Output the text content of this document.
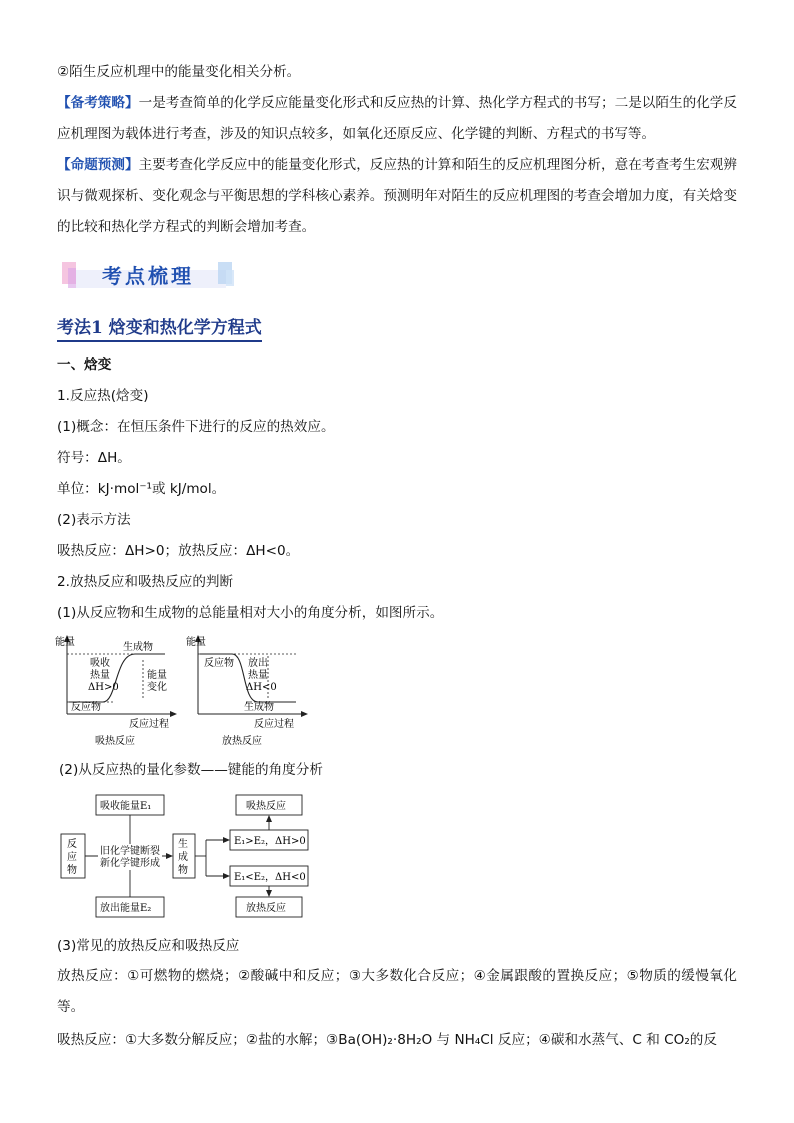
②陌生反应机理中的能量变化相关分析。
【备考策略】一是考查简单的化学反应能量变化形式和反应热的计算、热化学方程式的书写；二是以陌生的化学反应机理图为载体进行考查，涉及的知识点较多，如氧化还原反应、化学键的判断、方程式的书写等。
【命题预测】主要考查化学反应中的能量变化形式，反应热的计算和陌生的反应机理图分析，意在考查考生宏观辨识与微观探析、变化观念与平衡思想的学科核心素养。预测明年对陌生的反应机理图的考查会增加力度，有关焓变的比较和热化学方程式的判断会增加考查。
考点梳理
考法1 焓变和热化学方程式
一、焓变
1.反应热(焓变)
(1)概念：在恒压条件下进行的反应的热效应。
符号：ΔH。
单位：kJ·mol⁻¹或 kJ/mol。
(2)表示方法
吸热反应：ΔH>0；放热反应：ΔH<0。
2.放热反应和吸热反应的判断
(1)从反应物和生成物的总能量相对大小的角度分析，如图所示。
能量	生成物
吸收
热量
ΔH>0
能量
变化
反应物
反应过程
吸热反应
能量
反应物 放出
热量
ΔH<0
生成物
反应过程
放热反应
(2)从反应热的量化参数——键能的角度分析
吸收能量E₁
放出能量E₂
反
应
物
生
成
物
旧化学键断裂
新化学键形成
E₁>E₂，ΔH>0
E₁<E₂，ΔH<0
吸热反应
放热反应
(3)常见的放热反应和吸热反应
放热反应：①可燃物的燃烧；②酸碱中和反应；③大多数化合反应；④金属跟酸的置换反应；⑤物质的缓慢氧化等。
吸热反应：①大多数分解反应；②盐的水解；③Ba(OH)₂·8H₂O 与 NH₄Cl 反应；④碳和水蒸气、C 和 CO₂的反
